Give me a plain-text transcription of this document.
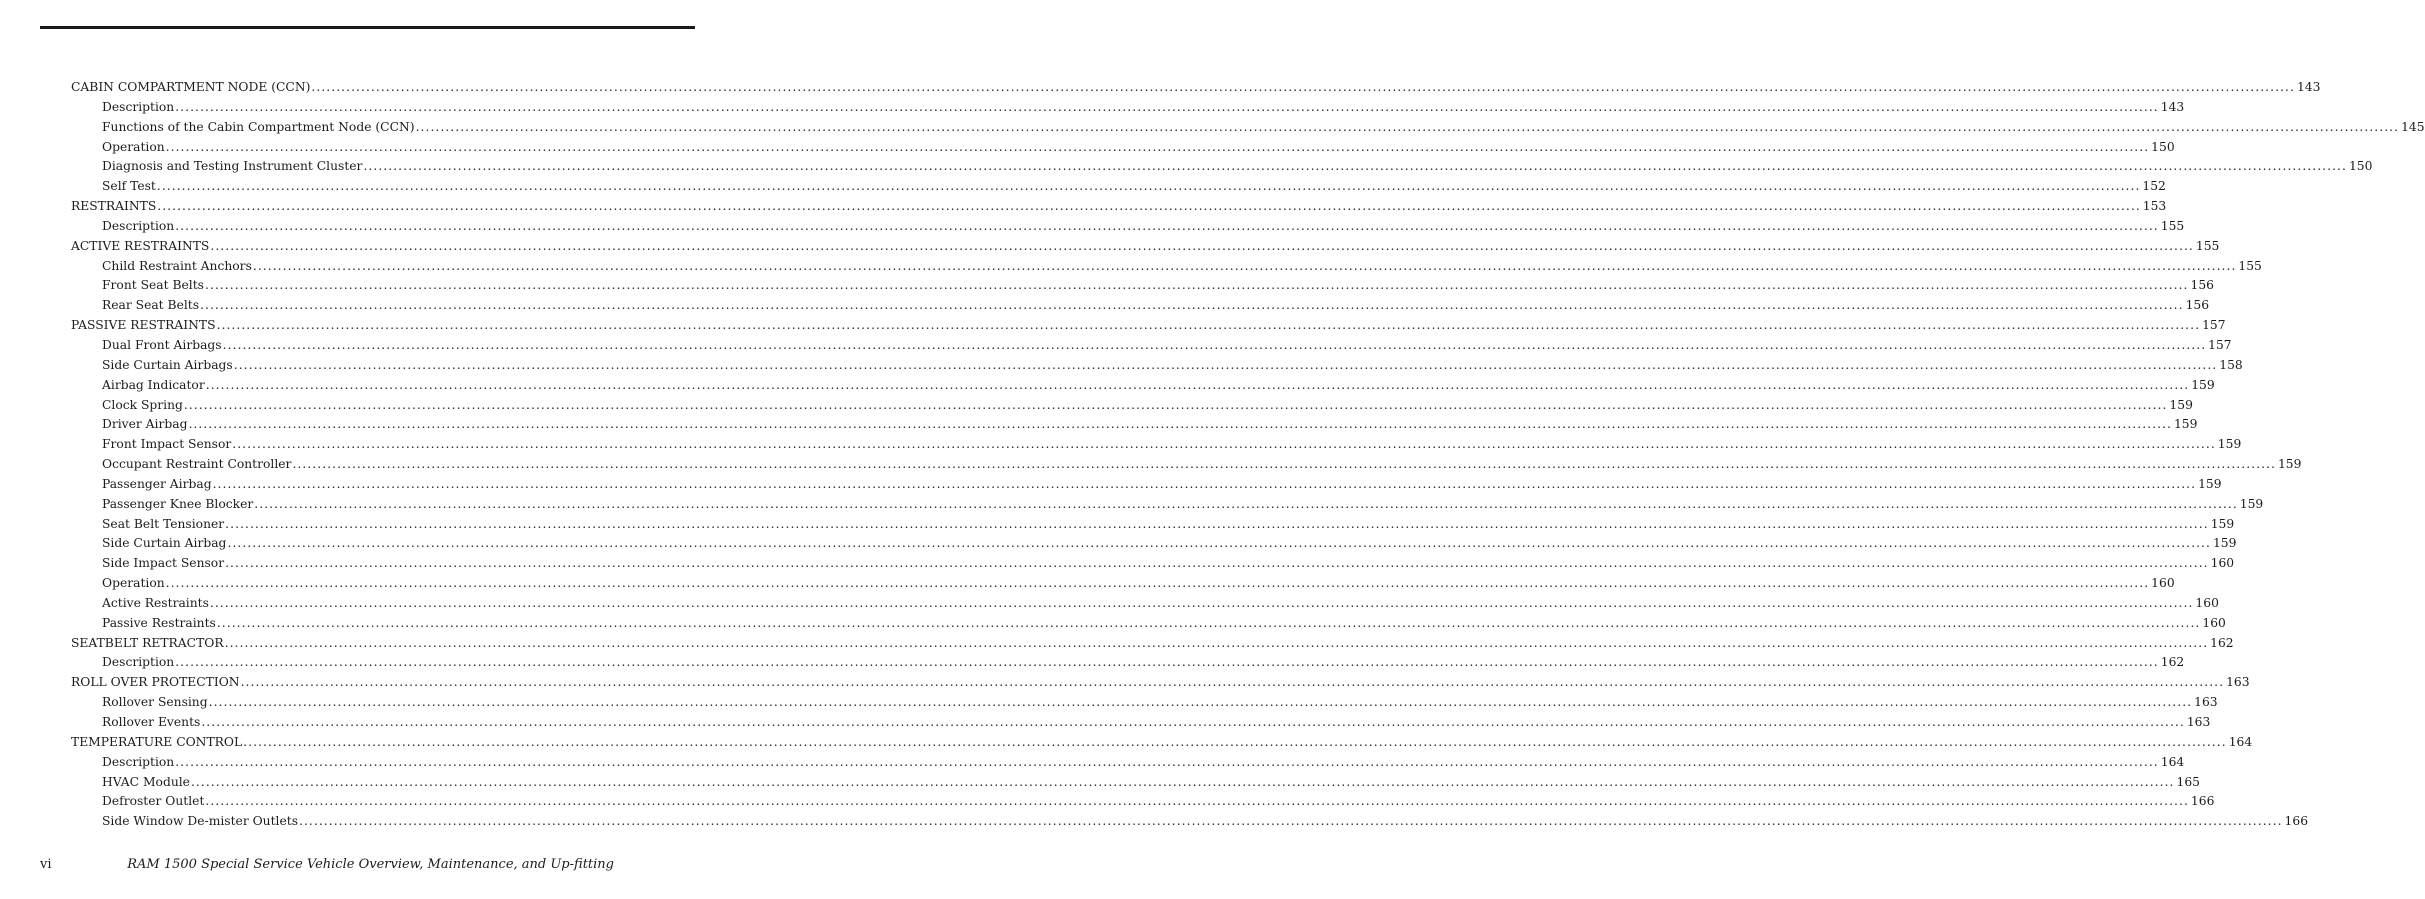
CABIN COMPARTMENT NODE (CCN) ................................................................................................................................................................................................................................................................................................................................................................................................................ 143
Description ................................................................................................................................................................................................................................................................................................................................................................................................................ 143
Functions of the Cabin Compartment Node (CCN) ................................................................................................................................................................................................................................................................................................................................................................................................................ 145
Operation ................................................................................................................................................................................................................................................................................................................................................................................................................ 150
Diagnosis and Testing Instrument Cluster ................................................................................................................................................................................................................................................................................................................................................................................................................ 150
Self Test ................................................................................................................................................................................................................................................................................................................................................................................................................ 152
RESTRAINTS ................................................................................................................................................................................................................................................................................................................................................................................................................ 153
Description ................................................................................................................................................................................................................................................................................................................................................................................................................ 155
ACTIVE RESTRAINTS ................................................................................................................................................................................................................................................................................................................................................................................................................ 155
Child Restraint Anchors ................................................................................................................................................................................................................................................................................................................................................................................................................ 155
Front Seat Belts ................................................................................................................................................................................................................................................................................................................................................................................................................ 156
Rear Seat Belts ................................................................................................................................................................................................................................................................................................................................................................................................................ 156
PASSIVE RESTRAINTS ................................................................................................................................................................................................................................................................................................................................................................................................................ 157
Dual Front Airbags ................................................................................................................................................................................................................................................................................................................................................................................................................ 157
Side Curtain Airbags ................................................................................................................................................................................................................................................................................................................................................................................................................ 158
Airbag Indicator ................................................................................................................................................................................................................................................................................................................................................................................................................ 159
Clock Spring ................................................................................................................................................................................................................................................................................................................................................................................................................ 159
Driver Airbag ................................................................................................................................................................................................................................................................................................................................................................................................................ 159
Front Impact Sensor ................................................................................................................................................................................................................................................................................................................................................................................................................ 159
Occupant Restraint Controller ................................................................................................................................................................................................................................................................................................................................................................................................................ 159
Passenger Airbag ................................................................................................................................................................................................................................................................................................................................................................................................................ 159
Passenger Knee Blocker ................................................................................................................................................................................................................................................................................................................................................................................................................ 159
Seat Belt Tensioner ................................................................................................................................................................................................................................................................................................................................................................................................................ 159
Side Curtain Airbag ................................................................................................................................................................................................................................................................................................................................................................................................................ 159
Side Impact Sensor ................................................................................................................................................................................................................................................................................................................................................................................................................ 160
Operation ................................................................................................................................................................................................................................................................................................................................................................................................................ 160
Active Restraints ................................................................................................................................................................................................................................................................................................................................................................................................................ 160
Passive Restraints ................................................................................................................................................................................................................................................................................................................................................................................................................ 160
SEATBELT RETRACTOR ................................................................................................................................................................................................................................................................................................................................................................................................................ 162
Description ................................................................................................................................................................................................................................................................................................................................................................................................................ 162
ROLL OVER PROTECTION ................................................................................................................................................................................................................................................................................................................................................................................................................ 163
Rollover Sensing ................................................................................................................................................................................................................................................................................................................................................................................................................ 163
Rollover Events ................................................................................................................................................................................................................................................................................................................................................................................................................ 163
TEMPERATURE CONTROL ................................................................................................................................................................................................................................................................................................................................................................................................................ 164
Description ................................................................................................................................................................................................................................................................................................................................................................................................................ 164
HVAC Module ................................................................................................................................................................................................................................................................................................................................................................................................................ 165
Defroster Outlet ................................................................................................................................................................................................................................................................................................................................................................................................................ 166
Side Window De-mister Outlets ................................................................................................................................................................................................................................................................................................................................................................................................................ 166
vi	RAM 1500 Special Service Vehicle Overview, Maintenance, and Up-fitting
